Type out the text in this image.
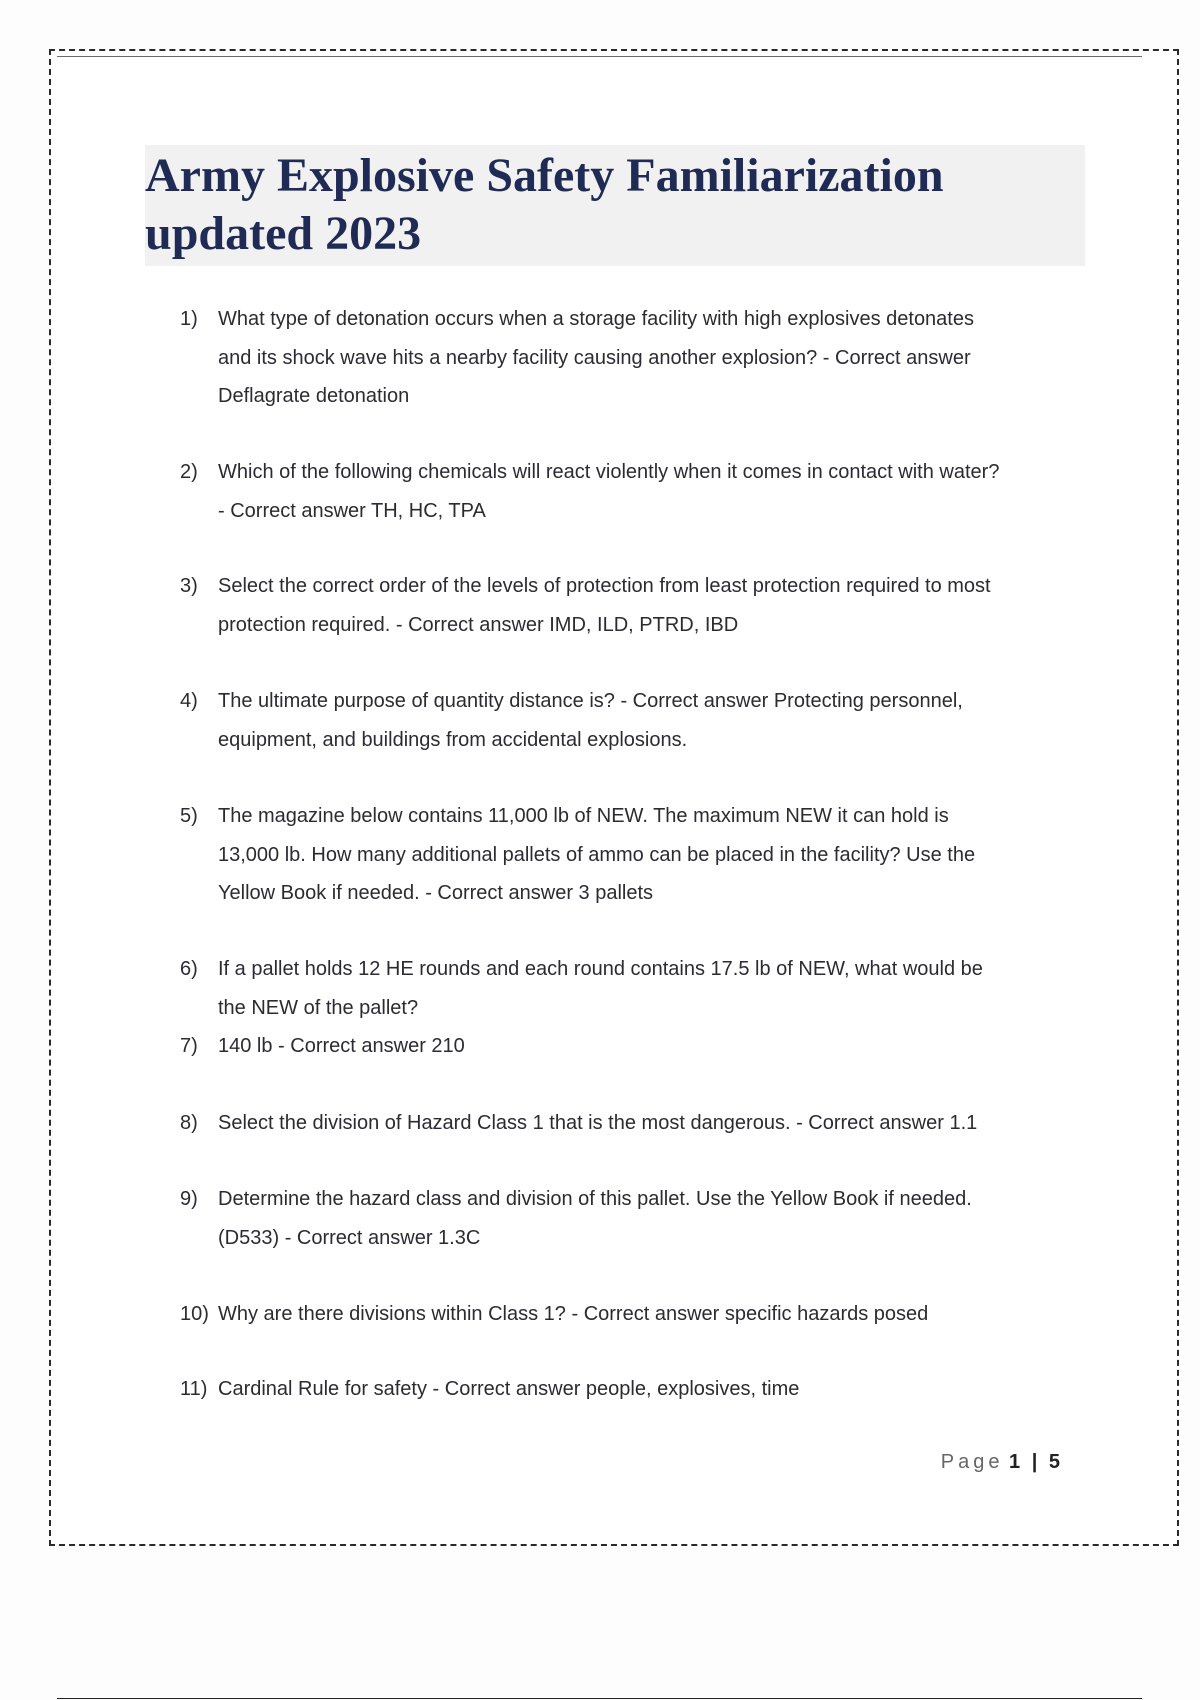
Army Explosive Safety Familiarization
updated 2023
1) What type of detonation occurs when a storage facility with high explosives detonates
and its shock wave hits a nearby facility causing another explosion? - Correct answer
Deflagrate detonation

2) Which of the following chemicals will react violently when it comes in contact with water?
- Correct answer TH, HC, TPA

3) Select the correct order of the levels of protection from least protection required to most
protection required. - Correct answer IMD, ILD, PTRD, IBD

4) The ultimate purpose of quantity distance is? - Correct answer Protecting personnel,
equipment, and buildings from accidental explosions.

5) The magazine below contains 11,000 lb of NEW. The maximum NEW it can hold is
13,000 lb. How many additional pallets of ammo can be placed in the facility? Use the
Yellow Book if needed. - Correct answer 3 pallets

6) If a pallet holds 12 HE rounds and each round contains 17.5 lb of NEW, what would be
the NEW of the pallet?

7) 140 lb - Correct answer 210

8) Select the division of Hazard Class 1 that is the most dangerous. - Correct answer 1.1

9) Determine the hazard class and division of this pallet. Use the Yellow Book if needed.
(D533) - Correct answer 1.3C

10) Why are there divisions within Class 1? - Correct answer specific hazards posed

11) Cardinal Rule for safety - Correct answer people, explosives, time

Page 1 | 5
